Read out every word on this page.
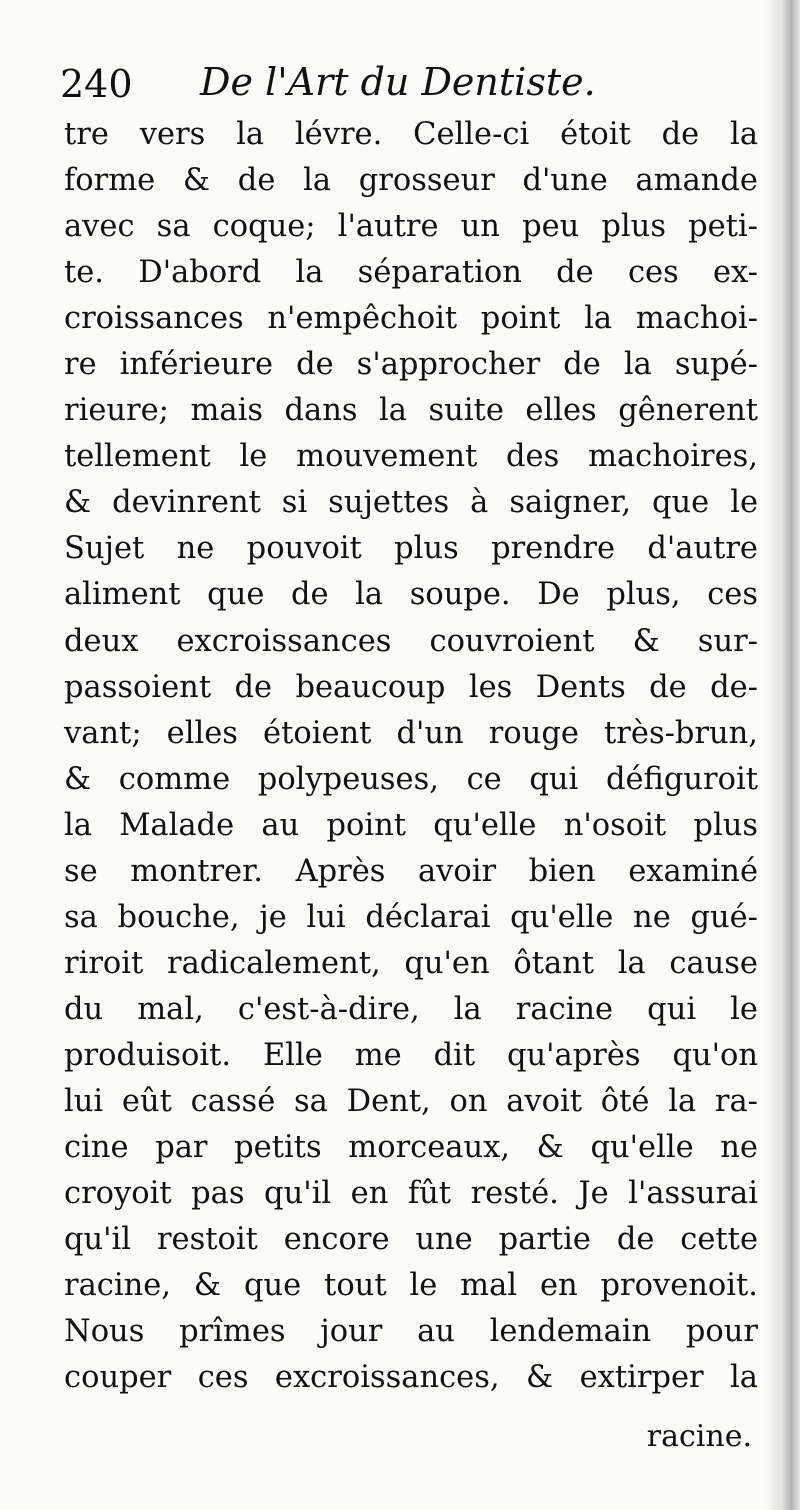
240 De l'Art du Dentiste.
tre vers la lévre. Celle-ci étoit de la
forme & de la grosseur d'une amande
avec sa coque; l'autre un peu plus peti-
te. D'abord la séparation de ces ex-
croissances n'empêchoit point la machoi-
re inférieure de s'approcher de la supé-
rieure; mais dans la suite elles gênerent
tellement le mouvement des machoires,
& devinrent si sujettes à saigner, que le
Sujet ne pouvoit plus prendre d'autre
aliment que de la soupe. De plus, ces
deux excroissances couvroient & sur-
passoient de beaucoup les Dents de de-
vant; elles étoient d'un rouge très-brun,
& comme polypeuses, ce qui défiguroit
la Malade au point qu'elle n'osoit plus
se montrer. Après avoir bien examiné
sa bouche, je lui déclarai qu'elle ne gué-
riroit radicalement, qu'en ôtant la cause
du mal, c'est-à-dire, la racine qui le
produisoit. Elle me dit qu'après qu'on
lui eût cassé sa Dent, on avoit ôté la ra-
cine par petits morceaux, & qu'elle ne
croyoit pas qu'il en fût resté. Je l'assurai
qu'il restoit encore une partie de cette
racine, & que tout le mal en provenoit.
Nous prîmes jour au lendemain pour
couper ces excroissances, & extirper la
racine.
